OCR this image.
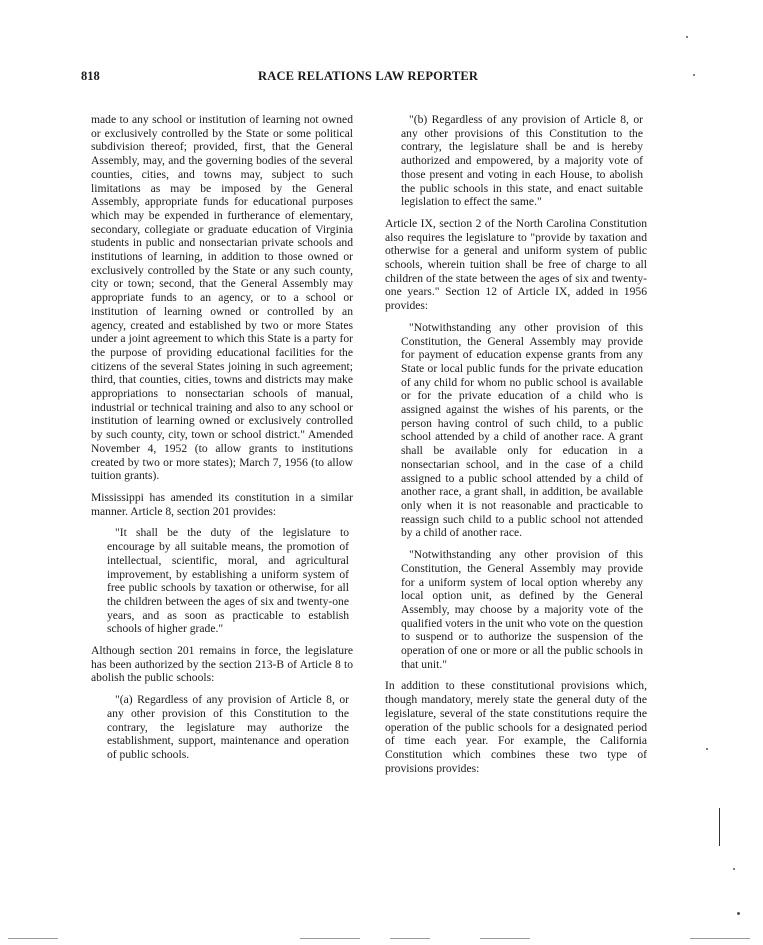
818	RACE RELATIONS LAW REPORTER

made to any school or institution of learning not owned or exclusively controlled by the State or some political subdivision thereof; provided, first, that the General Assembly, may, and the governing bodies of the several counties, cities, and towns may, subject to such limitations as may be imposed by the General Assembly, appropriate funds for educational purposes which may be expended in furtherance of elementary, secondary, collegiate or graduate education of Virginia students in public and nonsectarian private schools and institutions of learning, in addition to those owned or exclusively controlled by the State or any such county, city or town; second, that the General Assembly may appropriate funds to an agency, or to a school or institution of learning owned or controlled by an agency, created and established by two or more States under a joint agreement to which this State is a party for the purpose of providing educational facilities for the citizens of the several States joining in such agreement; third, that counties, cities, towns and districts may make appropriations to nonsectarian schools of manual, industrial or technical training and also to any school or institution of learning owned or exclusively controlled by such county, city, town or school district." Amended November 4, 1952 (to allow grants to institutions created by two or more states); March 7, 1956 (to allow tuition grants).

Mississippi has amended its constitution in a similar manner. Article 8, section 201 provides:

"It shall be the duty of the legislature to encourage by all suitable means, the promotion of intellectual, scientific, moral, and agricultural improvement, by establishing a uniform system of free public schools by taxation or otherwise, for all the children between the ages of six and twenty-one years, and as soon as practicable to establish schools of higher grade."

Although section 201 remains in force, the legislature has been authorized by the section 213-B of Article 8 to abolish the public schools:

"(a) Regardless of any provision of Article 8, or any other provision of this Constitution to the contrary, the legislature may authorize the establishment, support, maintenance and operation of public schools.

"(b) Regardless of any provision of Article 8, or any other provisions of this Constitution to the contrary, the legislature shall be and is hereby authorized and empowered, by a majority vote of those present and voting in each House, to abolish the public schools in this state, and enact suitable legislation to effect the same."

Article IX, section 2 of the North Carolina Constitution also requires the legislature to "provide by taxation and otherwise for a general and uniform system of public schools, wherein tuition shall be free of charge to all children of the state between the ages of six and twenty-one years." Section 12 of Article IX, added in 1956 provides:

"Notwithstanding any other provision of this Constitution, the General Assembly may provide for payment of education expense grants from any State or local public funds for the private education of any child for whom no public school is available or for the private education of a child who is assigned against the wishes of his parents, or the person having control of such child, to a public school attended by a child of another race. A grant shall be available only for education in a nonsectarian school, and in the case of a child assigned to a public school attended by a child of another race, a grant shall, in addition, be available only when it is not reasonable and practicable to reassign such child to a public school not attended by a child of another race.

"Notwithstanding any other provision of this Constitution, the General Assembly may provide for a uniform system of local option whereby any local option unit, as defined by the General Assembly, may choose by a majority vote of the qualified voters in the unit who vote on the question to suspend or to authorize the suspension of the operation of one or more or all the public schools in that unit."

In addition to these constitutional provisions which, though mandatory, merely state the general duty of the legislature, several of the state constitutions require the operation of the public schools for a designated period of time each year. For example, the California Constitution which combines these two type of provisions provides:
